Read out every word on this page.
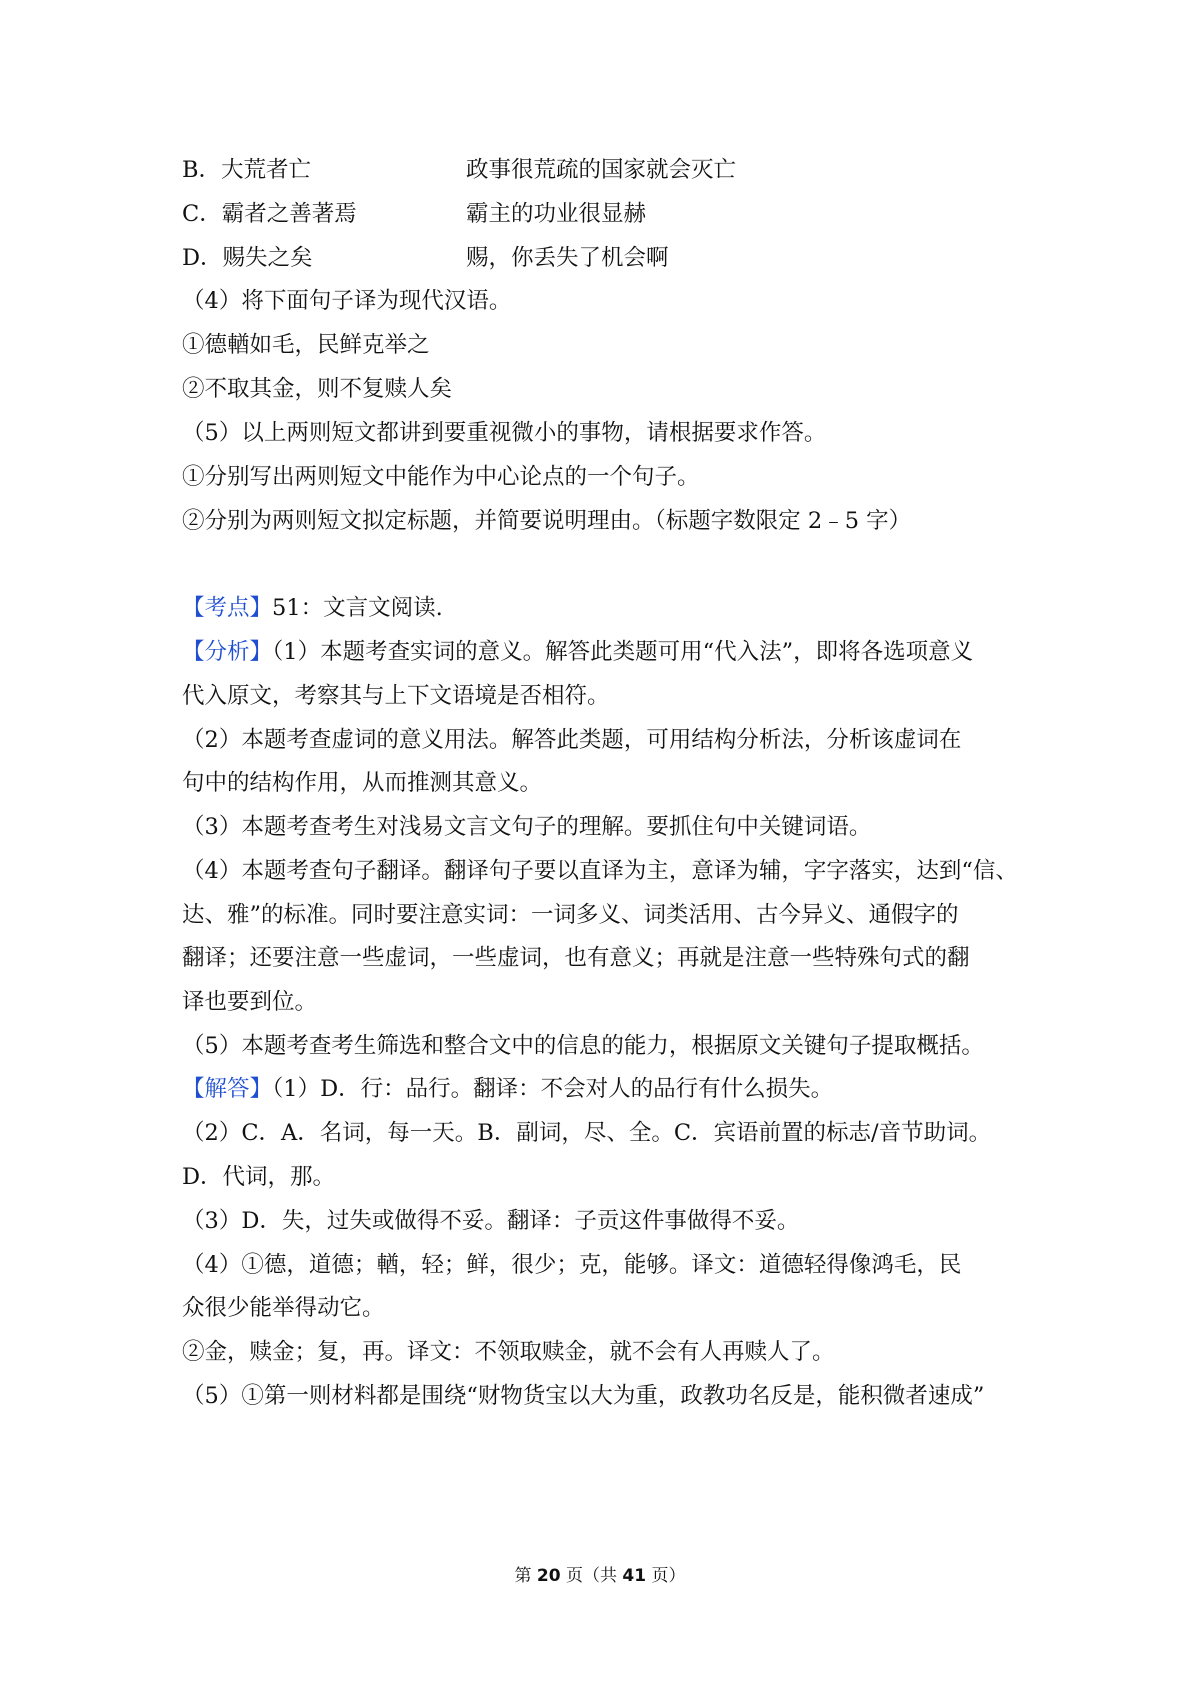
B．大荒者亡	政事很荒疏的国家就会灭亡
C．霸者之善著焉	霸主的功业很显赫
D．赐失之矣	赐，你丢失了机会啊
（4）将下面句子译为现代汉语。
①德輶如毛，民鲜克举之
②不取其金，则不复赎人矣
（5）以上两则短文都讲到要重视微小的事物，请根据要求作答。
①分别写出两则短文中能作为中心论点的一个句子。
②分别为两则短文拟定标题，并简要说明理由。（标题字数限定 2﹣5 字）
【考点】51：文言文阅读.
【分析】（1）本题考查实词的意义。解答此类题可用“代入法”，即将各选项意义
代入原文，考察其与上下文语境是否相符。
（2）本题考查虚词的意义用法。解答此类题，可用结构分析法，分析该虚词在
句中的结构作用，从而推测其意义。
（3）本题考查考生对浅易文言文句子的理解。要抓住句中关键词语。
（4）本题考查句子翻译。翻译句子要以直译为主，意译为辅，字字落实，达到“信、
达、雅”的标准。同时要注意实词：一词多义、词类活用、古今异义、通假字的
翻译；还要注意一些虚词，一些虚词，也有意义；再就是注意一些特殊句式的翻
译也要到位。
（5）本题考查考生筛选和整合文中的信息的能力，根据原文关键句子提取概括。
【解答】（1）D．行：品行。翻译：不会对人的品行有什么损失。
（2）C．A．名词，每一天。B．副词，尽、全。C．宾语前置的标志/音节助词。
D．代词，那。
（3）D．失，过失或做得不妥。翻译：子贡这件事做得不妥。
（4）①德，道德；輶，轻；鲜，很少；克，能够。译文：道德轻得像鸿毛，民
众很少能举得动它。
②金，赎金；复，再。译文：不领取赎金，就不会有人再赎人了。
（5）①第一则材料都是围绕“财物货宝以大为重，政教功名反是，能积微者速成”
第 20 页（共 41 页）
